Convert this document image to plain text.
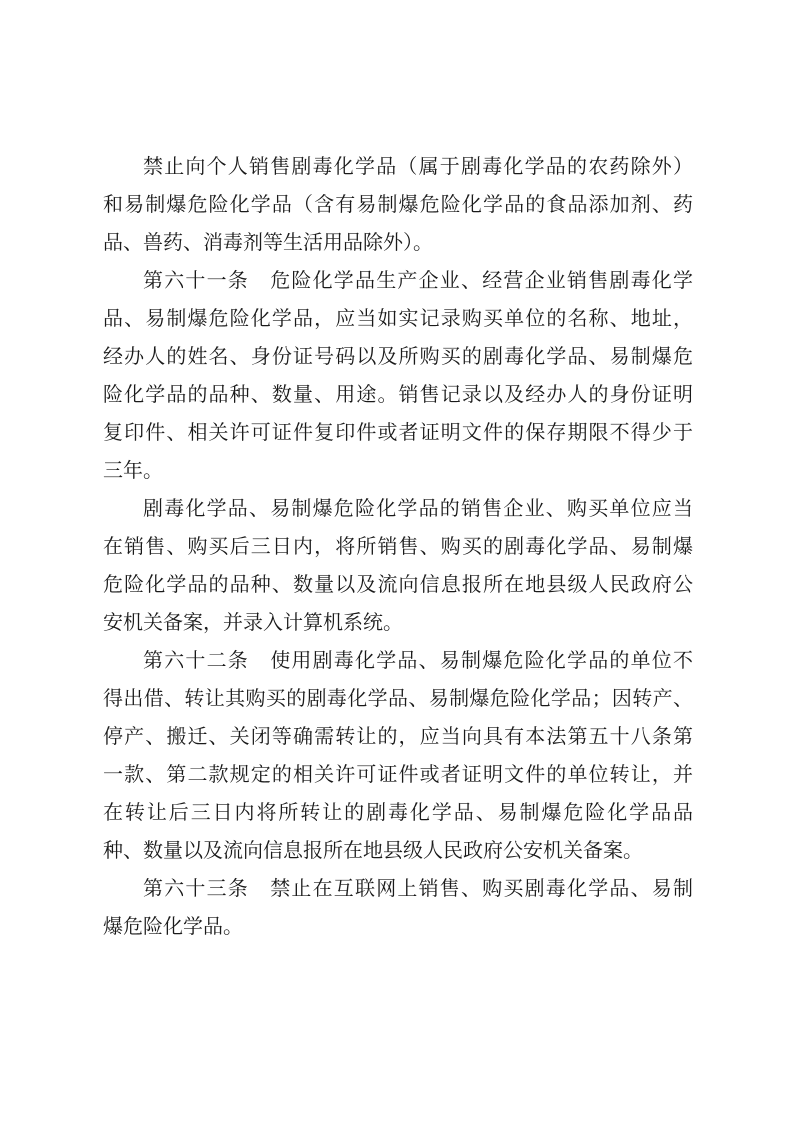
禁止向个人销售剧毒化学品（属于剧毒化学品的农药除外）
和易制爆危险化学品（含有易制爆危险化学品的食品添加剂、药
品、兽药、消毒剂等生活用品除外）。
第六十一条　危险化学品生产企业、经营企业销售剧毒化学
品、易制爆危险化学品，应当如实记录购买单位的名称、地址，
经办人的姓名、身份证号码以及所购买的剧毒化学品、易制爆危
险化学品的品种、数量、用途。销售记录以及经办人的身份证明
复印件、相关许可证件复印件或者证明文件的保存期限不得少于
三年。
剧毒化学品、易制爆危险化学品的销售企业、购买单位应当
在销售、购买后三日内，将所销售、购买的剧毒化学品、易制爆
危险化学品的品种、数量以及流向信息报所在地县级人民政府公
安机关备案，并录入计算机系统。
第六十二条　使用剧毒化学品、易制爆危险化学品的单位不
得出借、转让其购买的剧毒化学品、易制爆危险化学品；因转产、
停产、搬迁、关闭等确需转让的，应当向具有本法第五十八条第
一款、第二款规定的相关许可证件或者证明文件的单位转让，并
在转让后三日内将所转让的剧毒化学品、易制爆危险化学品品
种、数量以及流向信息报所在地县级人民政府公安机关备案。
第六十三条　禁止在互联网上销售、购买剧毒化学品、易制
爆危险化学品。
